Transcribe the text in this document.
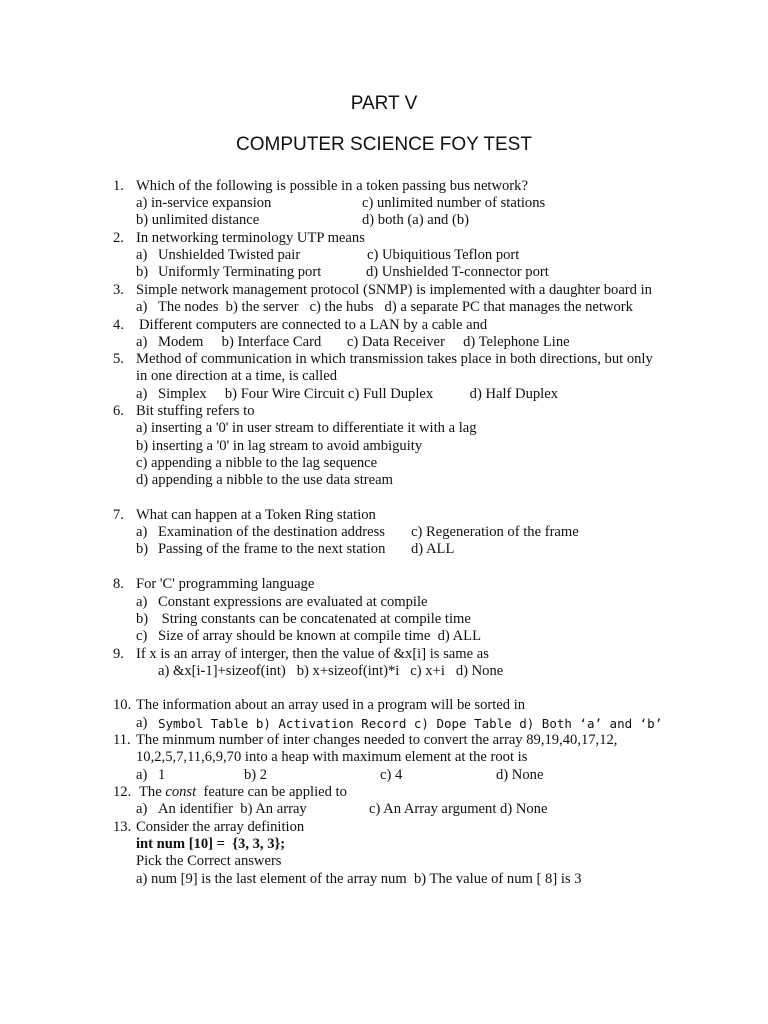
PART V
COMPUTER SCIENCE FOY TEST
1. Which of the following is possible in a token passing bus network?
a) in-service expansion	c) unlimited number of stations
b) unlimited distance	d) both (a) and (b)
2. In networking terminology UTP means
a) Unshielded Twisted pair	c) Ubiquitious Teflon port
b) Uniformly Terminating port	d) Unshielded T-connector port
3. Simple network management protocol (SNMP) is implemented with a daughter board in
a) The nodes  b) the server   c) the hubs   d) a separate PC that manages the network
4. Different computers are connected to a LAN by a cable and
a) Modem     b) Interface Card       c) Data Receiver     d) Telephone Line
5. Method of communication in which transmission takes place in both directions, but only
in one direction at a time, is called
a) Simplex     b) Four Wire Circuit c) Full Duplex          d) Half Duplex
6. Bit stuffing refers to
a) inserting a '0' in user stream to differentiate it with a lag
b) inserting a '0' in lag stream to avoid ambiguity
c) appending a nibble to the lag sequence
d) appending a nibble to the use data stream
7. What can happen at a Token Ring station
a) Examination of the destination address c) Regeneration of the frame
b) Passing of the frame to the next station d) ALL
8. For 'C' programming language
a) Constant expressions are evaluated at compile
b) String constants can be concatenated at compile time
c) Size of array should be known at compile time  d) ALL
9. If x is an array of interger, then the value of &x[i] is same as
a) &x[i-1]+sizeof(int)   b) x+sizeof(int)*i   c) x+i   d) None
10. The information about an array used in a program will be sorted in
a) Symbol Table b) Activation Record c) Dope Table d) Both ‘a’ and ‘b’
11. The minmum number of inter changes needed to convert the array 89,19,40,17,12,
10,2,5,7,11,6,9,70 into a heap with maximum element at the root is
a) 1	b) 2	c) 4	d) None
12. The const feature can be applied to
a) An identifier  b) An array	c) An Array argument d) None
13. Consider the array definition
int num [10] =  {3, 3, 3};
Pick the Correct answers
a) num [9] is the last element of the array num  b) The value of num [ 8] is 3
